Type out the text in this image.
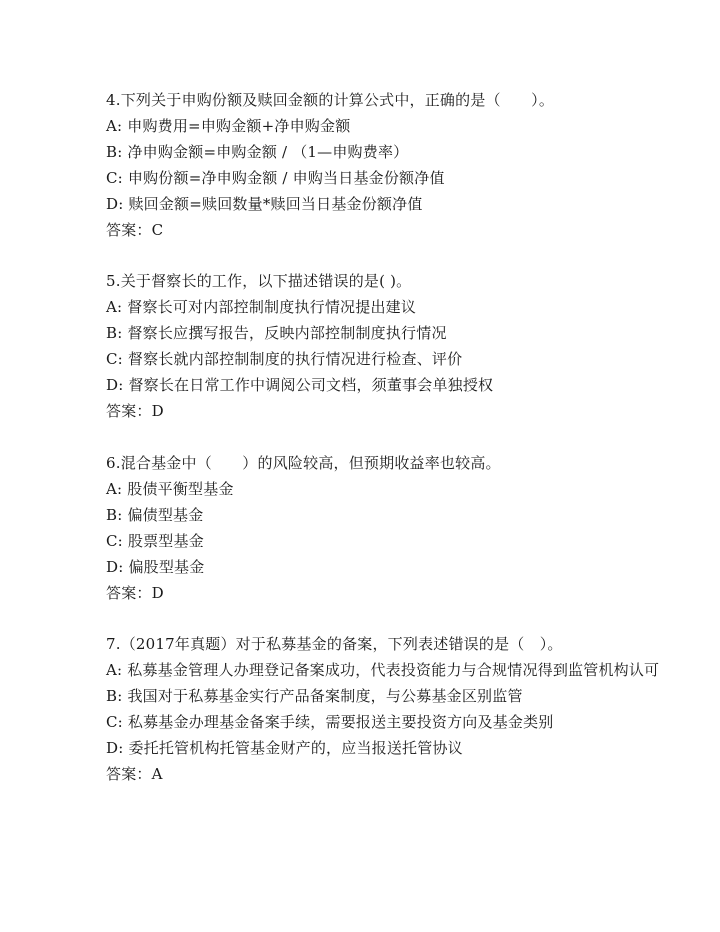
4.下列关于申购份额及赎回金额的计算公式中，正确的是（　　）。
A: 申购费用=申购金额+净申购金额
B: 净申购金额=申购金额 / （1—申购费率）
C: 申购份额=净申购金额 / 申购当日基金份额净值
D: 赎回金额=赎回数量*赎回当日基金份额净值
答案：C
5.关于督察长的工作，以下描述错误的是( )。
A: 督察长可对内部控制制度执行情况提出建议
B: 督察长应撰写报告，反映内部控制制度执行情况
C: 督察长就内部控制制度的执行情况进行检查、评价
D: 督察长在日常工作中调阅公司文档，须董事会单独授权
答案：D
6.混合基金中（　　）的风险较高，但预期收益率也较高。
A: 股债平衡型基金
B: 偏债型基金
C: 股票型基金
D: 偏股型基金
答案：D
7.（2017年真题）对于私募基金的备案，下列表述错误的是（　）。
A: 私募基金管理人办理登记备案成功，代表投资能力与合规情况得到监管机构认可
B: 我国对于私募基金实行产品备案制度，与公募基金区别监管
C: 私募基金办理基金备案手续，需要报送主要投资方向及基金类别
D: 委托托管机构托管基金财产的，应当报送托管协议
答案：A
